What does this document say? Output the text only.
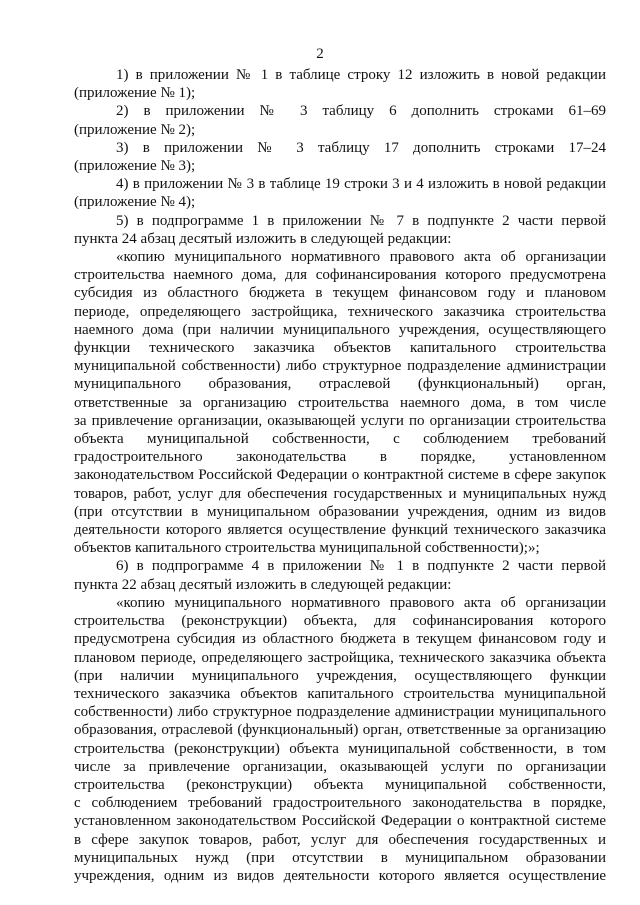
2

1) в приложении № 1 в таблице строку 12 изложить в новой редакции
(приложение № 1);

2) в приложении № 3 таблицу 6 дополнить строками 61–69
(приложение № 2);

3) в приложении № 3 таблицу 17 дополнить строками 17–24
(приложение № 3);

4) в приложении № 3 в таблице 19 строки 3 и 4 изложить в новой редакции
(приложение № 4);

5) в подпрограмме 1 в приложении № 7 в подпункте 2 части первой
пункта 24 абзац десятый изложить в следующей редакции:

«копию муниципального нормативного правового акта об организации
строительства наемного дома, для софинансирования которого предусмотрена
субсидия из областного бюджета в текущем финансовом году и плановом
периоде, определяющего застройщика, технического заказчика строительства
наемного дома (при наличии муниципального учреждения, осуществляющего
функции технического заказчика объектов капитального строительства
муниципальной собственности) либо структурное подразделение администрации
муниципального образования, отраслевой (функциональный) орган,
ответственные за организацию строительства наемного дома, в том числе
за привлечение организации, оказывающей услуги по организации строительства
объекта муниципальной собственности, с соблюдением требований
градостроительного законодательства в порядке, установленном
законодательством Российской Федерации о контрактной системе в сфере закупок
товаров, работ, услуг для обеспечения государственных и муниципальных нужд
(при отсутствии в муниципальном образовании учреждения, одним из видов
деятельности которого является осуществление функций технического заказчика
объектов капитального строительства муниципальной собственности);»;

6) в подпрограмме 4 в приложении № 1 в подпункте 2 части первой
пункта 22 абзац десятый изложить в следующей редакции:

«копию муниципального нормативного правового акта об организации
строительства (реконструкции) объекта, для софинансирования которого
предусмотрена субсидия из областного бюджета в текущем финансовом году и
плановом периоде, определяющего застройщика, технического заказчика объекта
(при наличии муниципального учреждения, осуществляющего функции
технического заказчика объектов капитального строительства муниципальной
собственности) либо структурное подразделение администрации муниципального
образования, отраслевой (функциональный) орган, ответственные за организацию
строительства (реконструкции) объекта муниципальной собственности, в том
числе за привлечение организации, оказывающей услуги по организации
строительства (реконструкции) объекта муниципальной собственности,
с соблюдением требований градостроительного законодательства в порядке,
установленном законодательством Российской Федерации о контрактной системе
в сфере закупок товаров, работ, услуг для обеспечения государственных и
муниципальных нужд (при отсутствии в муниципальном образовании
учреждения, одним из видов деятельности которого является осуществление
